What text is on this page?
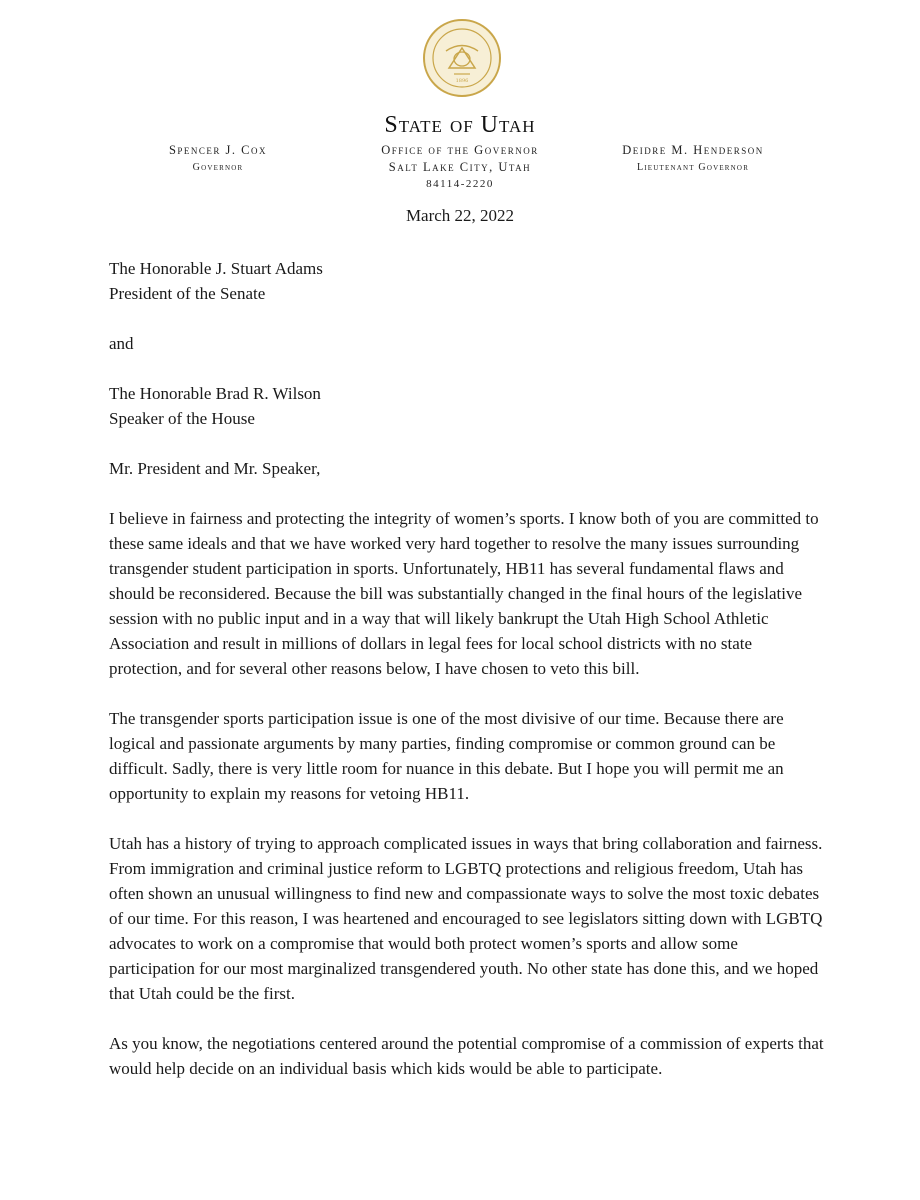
1896
State of Utah
Spencer J. Cox
Governor
Office of the Governor
Salt Lake City, Utah
84114-2220
Deidre M. Henderson
Lieutenant Governor
March 22, 2022

The Honorable J. Stuart Adams

President of the Senate

and

The Honorable Brad R. Wilson

Speaker of the House

Mr. President and Mr. Speaker,

I believe in fairness and protecting the integrity of women’s sports. I know both of you are committed to these same ideals and that we have worked very hard together to resolve the many issues surrounding transgender student participation in sports. Unfortunately, HB11 has several fundamental flaws and should be reconsidered. Because the bill was substantially changed in the final hours of the legislative session with no public input and in a way that will likely bankrupt the Utah High School Athletic Association and result in millions of dollars in legal fees for local school districts with no state protection, and for several other reasons below, I have chosen to veto this bill.

The transgender sports participation issue is one of the most divisive of our time. Because there are logical and passionate arguments by many parties, finding compromise or common ground can be difficult. Sadly, there is very little room for nuance in this debate. But I hope you will permit me an opportunity to explain my reasons for vetoing HB11.

Utah has a history of trying to approach complicated issues in ways that bring collaboration and fairness. From immigration and criminal justice reform to LGBTQ protections and religious freedom, Utah has often shown an unusual willingness to find new and compassionate ways to solve the most toxic debates of our time. For this reason, I was heartened and encouraged to see legislators sitting down with LGBTQ advocates to work on a compromise that would both protect women’s sports and allow some participation for our most marginalized transgendered youth. No other state has done this, and we hoped that Utah could be the first.

As you know, the negotiations centered around the potential compromise of a commission of experts that would help decide on an individual basis which kids would be able to participate.
